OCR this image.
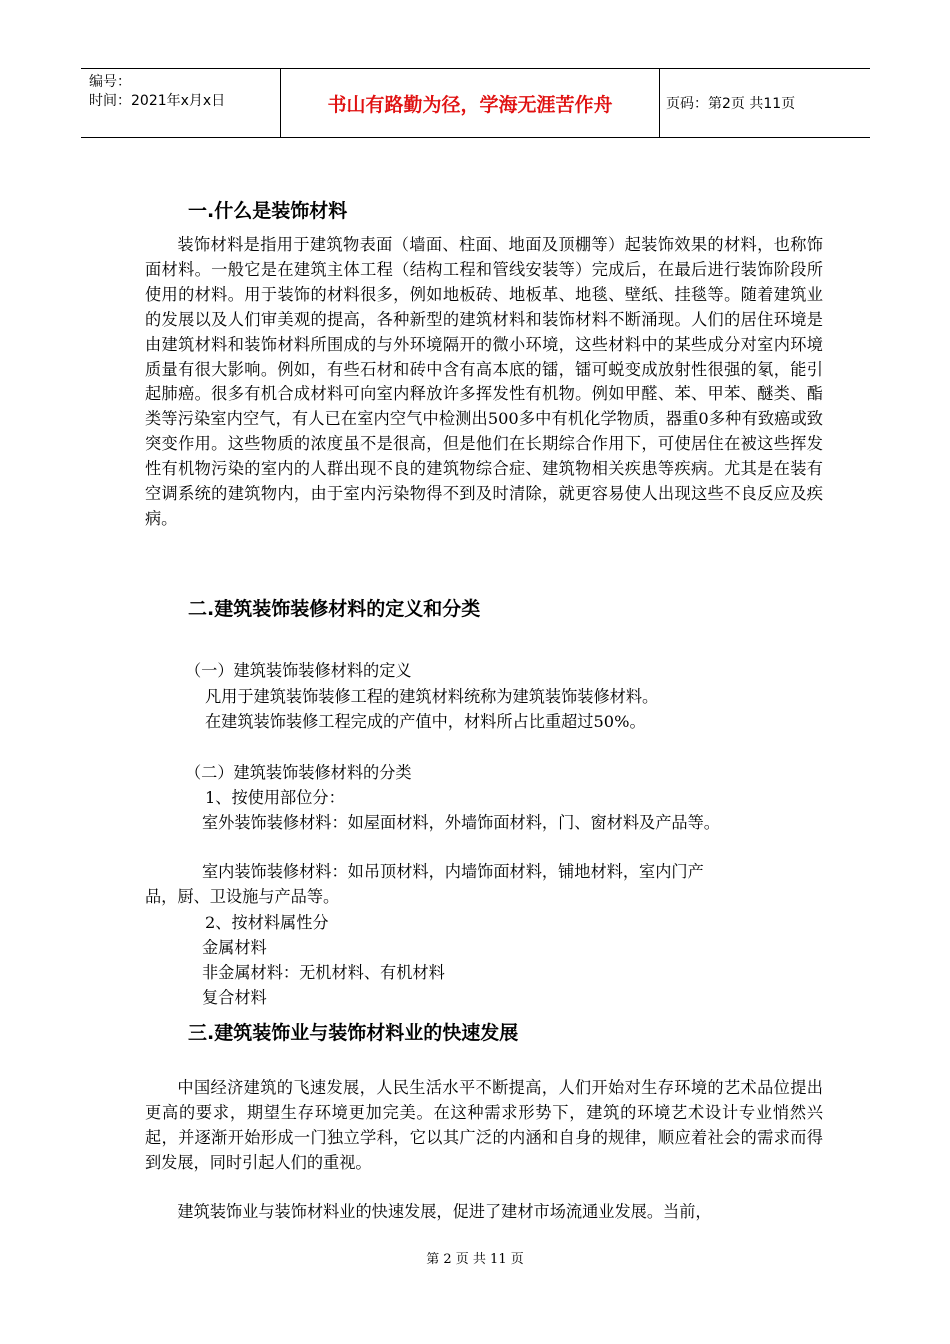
编号：
时间：2021年x月x日	书山有路勤为径，学海无涯苦作舟	页码：第2页 共11页
一.什么是装饰材料
装饰材料是指用于建筑物表面（墙面、柱面、地面及顶棚等）起装饰效果的材料，也称饰面材料。一般它是在建筑主体工程（结构工程和管线安装等）完成后，在最后进行装饰阶段所使用的材料。用于装饰的材料很多，例如地板砖、地板革、地毯、壁纸、挂毯等。随着建筑业的发展以及人们审美观的提高，各种新型的建筑材料和装饰材料不断涌现。人们的居住环境是由建筑材料和装饰材料所围成的与外环境隔开的微小环境，这些材料中的某些成分对室内环境质量有很大影响。例如，有些石材和砖中含有高本底的镭，镭可蜕变成放射性很强的氡，能引起肺癌。很多有机合成材料可向室内释放许多挥发性有机物。例如甲醛、苯、甲苯、醚类、酯类等污染室内空气，有人已在室内空气中检测出500多中有机化学物质，器重0多种有致癌或致突变作用。这些物质的浓度虽不是很高，但是他们在长期综合作用下，可使居住在被这些挥发性有机物污染的室内的人群出现不良的建筑物综合症、建筑物相关疾患等疾病。尤其是在装有空调系统的建筑物内，由于室内污染物得不到及时清除，就更容易使人出现这些不良反应及疾病。
二.建筑装饰装修材料的定义和分类
（一）建筑装饰装修材料的定义
凡用于建筑装饰装修工程的建筑材料统称为建筑装饰装修材料。
在建筑装饰装修工程完成的产值中，材料所占比重超过50%。
（二）建筑装饰装修材料的分类
1、按使用部位分：
室外装饰装修材料：如屋面材料，外墙饰面材料，门、窗材料及产品等。
室内装饰装修材料：如吊顶材料，内墙饰面材料，铺地材料，室内门产
品，厨、卫设施与产品等。
2、按材料属性分
金属材料
非金属材料：无机材料、有机材料
复合材料
三.建筑装饰业与装饰材料业的快速发展
中国经济建筑的飞速发展，人民生活水平不断提高，人们开始对生存环境的艺术品位提出更高的要求，期望生存环境更加完美。在这种需求形势下，建筑的环境艺术设计专业悄然兴起，并逐渐开始形成一门独立学科，它以其广泛的内涵和自身的规律，顺应着社会的需求而得到发展，同时引起人们的重视。
建筑装饰业与装饰材料业的快速发展，促进了建材市场流通业发展。当前，
第 2 页 共 11 页
